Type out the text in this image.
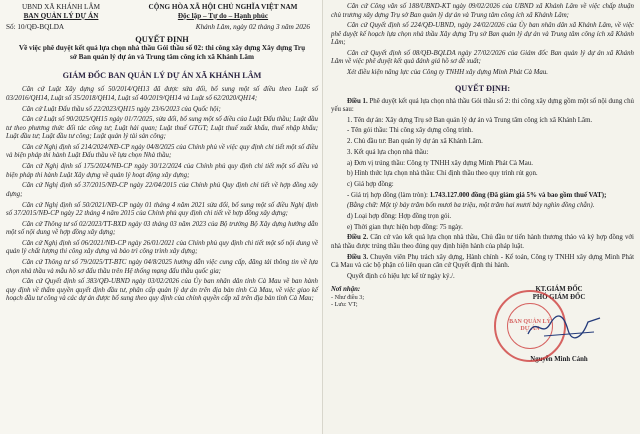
UBND XÃ KHÁNH LÂM
BAN QUẢN LÝ DỰ ÁN
CỘNG HÒA XÃ HỘI CHỦ NGHĨA VIỆT NAM
Độc lập – Tự do – Hạnh phúc
Số: 10/QĐ-BQLDA	Khánh Lâm, ngày 02 tháng 3 năm 2026
QUYẾT ĐỊNH
Về việc phê duyệt kết quả lựa chọn nhà thầu Gói thầu số 02: thi công xây dựng Xây dựng Trụ sở Ban quản lý dự án và Trung tâm công ích xã Khánh Lâm
GIÁM ĐỐC BAN QUẢN LÝ DỰ ÁN XÃ KHÁNH LÂM

Căn cứ Luật Xây dựng số 50/2014/QH13 đã được sửa đổi, bổ sung một số điều theo Luật số 03/2016/QH14, Luật số 35/2018/QH14, Luật số 40/2019/QH14 và Luật số 62/2020/QH14;

Căn cứ Luật Đấu thầu số 22/2023/QH15 ngày 23/6/2023 của Quốc hội;

Căn cứ Luật số 90/2025/QH15 ngày 01/7/2025, sửa đổi, bổ sung một số điều của Luật Đấu thầu; Luật đầu tư theo phương thức đối tác công tư; Luật hải quan; Luật thuế GTGT; Luật thuế xuất khẩu, thuế nhập khẩu; Luật đầu tư; Luật đầu tư công; Luật quản lý tài sản công;

Căn cứ Nghị định số 214/2024/NĐ-CP ngày 04/8/2025 của Chính phủ về việc quy định chi tiết một số điều và biện pháp thi hành Luật Đấu thầu về lựa chọn Nhà thầu;

Căn cứ Nghị định số 175/2024/NĐ-CP ngày 30/12/2024 của Chính phủ quy định chi tiết một số điều và biện pháp thi hành Luật Xây dựng về quản lý hoạt động xây dựng;

Căn cứ Nghị định số 37/2015/NĐ-CP ngày 22/04/2015 của Chính phủ Quy định chi tiết về hợp đồng xây dựng;

Căn cứ Nghị định số 50/2021/NĐ-CP ngày 01 tháng 4 năm 2021 sửa đổi, bổ sung một số điều Nghị định số 37/2015/NĐ-CP ngày 22 tháng 4 năm 2015 của Chính phủ quy định chi tiết về hợp đồng xây dựng;

Căn cứ Thông tư số 02/2023/TT-BXD ngày 03 tháng 03 năm 2023 của Bộ trưởng Bộ Xây dựng hướng dẫn một số nội dung về hợp đồng xây dựng;

Căn cứ Nghị định số 06/2021/NĐ-CP ngày 26/01/2021 của Chính phủ quy định chi tiết một số nội dung về quản lý chất lượng thi công xây dựng và bảo trì công trình xây dựng;

Căn cứ Thông tư số 79/2025/TT-BTC ngày 04/8/2025 hướng dẫn việc cung cấp, đăng tải thông tin về lựa chọn nhà thầu và mẫu hồ sơ đấu thầu trên Hệ thống mạng đấu thầu quốc gia;

Căn cứ Quyết định số 383/QĐ-UBND ngày 03/02/2026 của Ủy ban nhân dân tỉnh Cà Mau về ban hành quy định về thẩm quyền quyết định đầu tư, phân cấp quản lý dự án trên địa bàn tỉnh Cà Mau, về việc giao kế hoạch đầu tư công và các dự án được bổ sung theo quy định của chính quyền cấp xã trên địa bàn tỉnh Cà Mau;

Căn cứ Công văn số 188/UBND-KT ngày 09/02/2026 của UBND xã Khánh Lâm về việc chấp thuận chủ trương xây dựng Trụ sở Ban quản lý dự án và Trung tâm công ích xã Khánh Lâm;

Căn cứ Quyết định số 224/QĐ-UBND, ngày 24/02/2026 của Ủy ban nhân dân xã Khánh Lâm, về việc phê duyệt kế hoạch lựa chọn nhà thầu Xây dựng Trụ sở Ban quản lý dự án và Trung tâm công ích xã Khánh Lâm;

Căn cứ Quyết định số 08/QĐ-BQLDA ngày 27/02/2026 của Giám đốc Ban quản lý dự án xã Khánh Lâm về việc phê duyệt kết quả đánh giá hồ sơ đề xuất;

Xét điều kiện năng lực của Công ty TNHH xây dựng Minh Phát Cà Mau.

QUYẾT ĐỊNH:

Điều 1. Phê duyệt kết quả lựa chọn nhà thầu Gói thầu số 2: thi công xây dựng gồm một số nội dung chủ yếu sau:

1. Tên dự án: Xây dựng Trụ sở Ban quản lý dự án và Trung tâm công ích xã Khánh Lâm.

- Tên gói thầu: Thi công xây dựng công trình.

2. Chủ đầu tư: Ban quản lý dự án xã Khánh Lâm.

3. Kết quả lựa chọn nhà thầu:

a) Đơn vị trúng thầu: Công ty TNHH xây dựng Minh Phát Cà Mau.

b) Hình thức lựa chọn nhà thầu: Chỉ định thầu theo quy trình rút gọn.

c) Giá hợp đồng:

- Giá trị hợp đồng (làm tròn): 1.743.127.000 đồng (Đã giảm giá 5% và bao gồm thuế VAT);

(Bằng chữ: Một tỷ bảy trăm bốn mươi ba triệu, một trăm hai mươi bảy nghìn đồng chẵn).

d) Loại hợp đồng: Hợp đồng trọn gói.

e) Thời gian thực hiện hợp đồng: 75 ngày.

Điều 2. Căn cứ vào kết quả lựa chọn nhà thầu, Chủ đầu tư tiến hành thương thảo và ký hợp đồng với nhà thầu được trúng thầu theo đúng quy định hiện hành của pháp luật.

Điều 3. Chuyên viên Phụ trách xây dựng, Hành chính - Kế toán, Công ty TNHH xây dựng Minh Phát Cà Mau và các bộ phận có liên quan căn cứ Quyết định thi hành.

Quyết định có hiệu lực kể từ ngày ký./.

Nơi nhận:
- Như điều 3;
- Lưu: VT;
KT.GIÁM ĐỐC
PHÓ GIÁM ĐỐC
BAN QUẢN LÝ DỰ ÁN
Nguyễn Minh Cảnh
